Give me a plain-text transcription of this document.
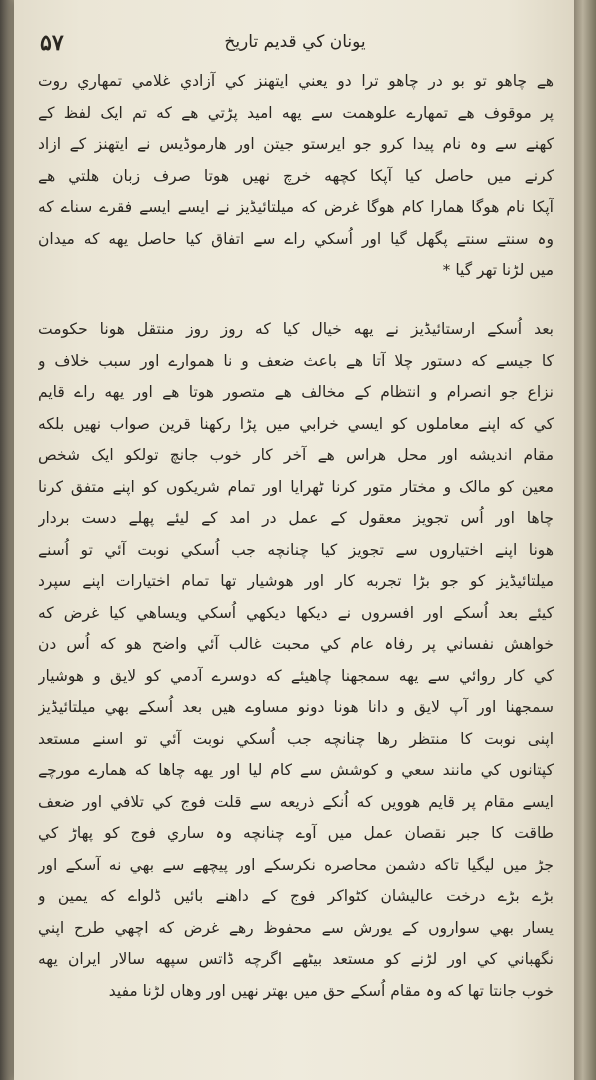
۵۷	یونان کي قدیم تاریخ
هے چاهو تو بو در چاهو ترا دو یعني ایتهنز کي آزادي غلامي تمهاري روت
پر موقوف هے تمهارے علوهمت سے یهه امید پڑتي هے که تم ایک لفظ کے
کهنے سے وہ نام پیدا کرو جو ایرستو جیتن اور هارموڈیس نے ایتهنز کے ازاد
کرنے میں حاصل کیا آپکا کچهه خرچ نهیں هوتا صرف زبان هلتي هے
آپکا نام هوگا همارا کام هوگا غرض که میلتائیڈیز نے ایسے ایسے فقرے سناے که
وہ سنتے سنتے پگهل گیا اور اُسکي راے سے اتفاق کیا حاصل یهه که میدان
میں لڑنا تهر گیا *
بعد اُسکے ارستائیڈیز نے یهه خیال کیا که روز روز منتقل هونا حکومت
کا جیسے که دستور چلا آتا هے باعث ضعف و نا هموارے اور سبب خلاف و
نزاع جو انصرام و انتظام کے مخالف هے متصور هوتا هے اور یهه راے قایم
کي که اپنے معاملوں کو ایسي خرابي میں پڑا رکهنا قرین صواب نهیں بلکه
مقام اندیشه اور محل هراس هے آخر کار خوب جانچ تولکو ایک شخص
معین کو مالک و مختار متور کرنا ٹهرایا اور تمام شریکوں کو اپنے متفق کرنا
چاها اور اُس تجویز معقول کے عمل در امد کے لیئے پهلے دست بردار
هونا اپنے اختیاروں سے تجویز کیا چنانچه جب اُسکي نوبت آئي تو اُسنے
میلتائیڈیز کو جو بڑا تجربه کار اور هوشیار تها تمام اختیارات اپنے سپرد
کیئے بعد اُسکے اور افسروں نے دیکها دیکهي اُسکي ویساهي کیا غرض که
خواهش نفساني پر رفاہ عام کي محبت غالب آئي واضح هو که اُس دن
کي کار روائي سے یهه سمجهنا چاهیئے که دوسرے آدمي کو لایق و هوشیار
سمجهنا اور آپ لایق و دانا هونا دونو مساوے هیں بعد اُسکے بهي میلتائیڈیز
اپنی نوبت کا منتظر رها چنانچه جب اُسکي نوبت آئي تو اسنے مستعد
کپتانوں کي مانند سعي و کوشش سے کام لیا اور یهه چاها که همارے مورچے
ایسے مقام پر قایم هوویں که اُنکے ذریعه سے قلت فوج کي تلافي اور ضعف
طاقت کا جبر نقصان عمل میں آوے چنانچه وہ ساري فوج کو پهاڑ کي
جڑ میں لیگیا تاکه دشمن محاصره نکرسکے اور پیچهے سے بهي نه آسکے اور
بڑے بڑے درخت عالیشان کٹواکر فوج کے داهنے بائیں ڈلواے که یمین و
یسار بهي سواروں کے یورش سے محفوظ رهے غرض که اچهي طرح اپني
نگهباني کي اور لڑنے کو مستعد بیٹهے اگرچه ڈاتس سپهه سالار ایران یهه
خوب جانتا تها که وہ مقام اُسکے حق میں بهتر نهیں اور وهاں لڑنا مفید
